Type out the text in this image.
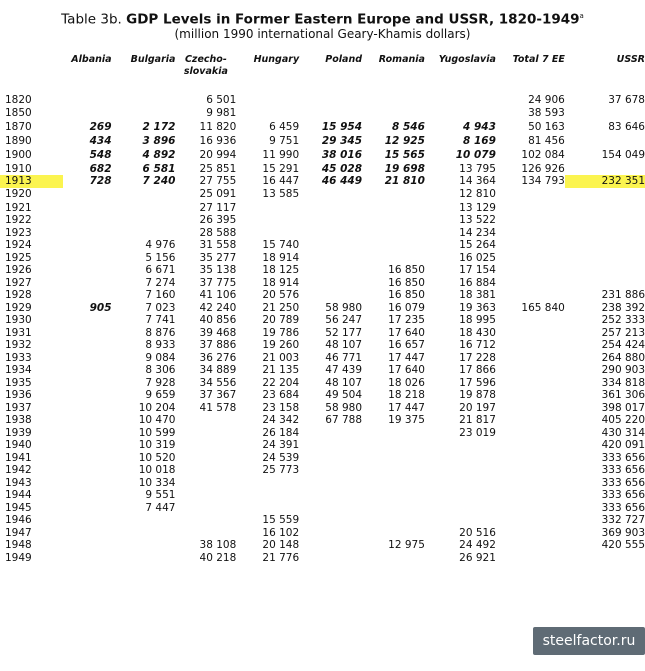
Table 3b. GDP Levels in Former Eastern Europe and USSR, 1820-1949$^a$
(million 1990 international Geary-Khamis dollars)
	Albania	Bulgaria	Czecho-
slovakia	Hungary	Poland	Romania	Yugoslavia	Total 7 EE	USSR
1820			6 501					24 906	37 678
1850			9 981					38 593	
1870	269	2 172	11 820	6 459	15 954	8 546	4 943	50 163	83 646
1890	434	3 896	16 936	9 751	29 345	12 925	8 169	81 456	
1900	548	4 892	20 994	11 990	38 016	15 565	10 079	102 084	154 049
1910	682	6 581	25 851	15 291	45 028	19 698	13 795	126 926	
1913	728	7 240	27 755	16 447	46 449	21 810	14 364	134 793	232 351
1920			25 091	13 585			12 810		
1921			27 117				13 129		
1922			26 395				13 522		
1923			28 588				14 234		
1924		4 976	31 558	15 740			15 264		
1925		5 156	35 277	18 914			16 025		
1926		6 671	35 138	18 125		16 850	17 154		
1927		7 274	37 775	18 914		16 850	16 884		
1928		7 160	41 106	20 576		16 850	18 381		231 886
1929	905	7 023	42 240	21 250	58 980	16 079	19 363	165 840	238 392
1930		7 741	40 856	20 789	56 247	17 235	18 995		252 333
1931		8 876	39 468	19 786	52 177	17 640	18 430		257 213
1932		8 933	37 886	19 260	48 107	16 657	16 712		254 424
1933		9 084	36 276	21 003	46 771	17 447	17 228		264 880
1934		8 306	34 889	21 135	47 439	17 640	17 866		290 903
1935		7 928	34 556	22 204	48 107	18 026	17 596		334 818
1936		9 659	37 367	23 684	49 504	18 218	19 878		361 306
1937		10 204	41 578	23 158	58 980	17 447	20 197		398 017
1938		10 470		24 342	67 788	19 375	21 817		405 220
1939		10 599		26 184			23 019		430 314
1940		10 319		24 391					420 091
1941		10 520		24 539					333 656
1942		10 018		25 773					333 656
1943		10 334							333 656
1944		9 551							333 656
1945		7 447							333 656
1946				15 559					332 727
1947				16 102			20 516		369 903
1948			38 108	20 148		12 975	24 492		420 555
1949			40 218	21 776			26 921		
steelfactor.ru
